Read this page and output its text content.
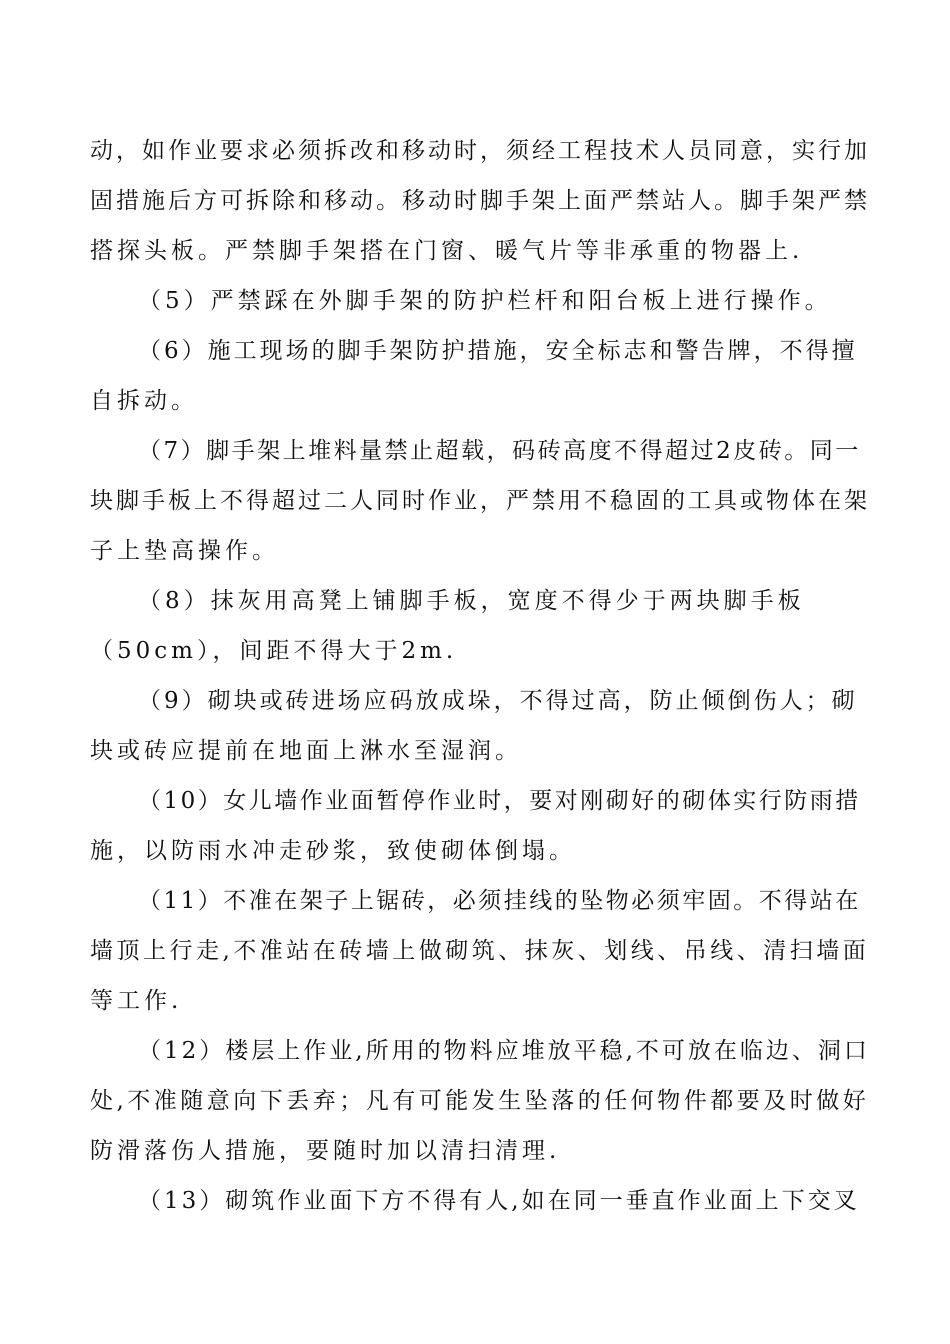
动，如作业要求必须拆改和移动时，须经工程技术人员同意，实行加
固措施后方可拆除和移动。移动时脚手架上面严禁站人。脚手架严禁
搭探头板。严禁脚手架搭在门窗、暖气片等非承重的物器上.
（5）严禁踩在外脚手架的防护栏杆和阳台板上进行操作。
（6）施工现场的脚手架防护措施，安全标志和警告牌，不得擅
自拆动。
（7）脚手架上堆料量禁止超载，码砖高度不得超过2皮砖。同一
块脚手板上不得超过二人同时作业，严禁用不稳固的工具或物体在架
子上垫高操作。
（8）抹灰用高凳上铺脚手板，宽度不得少于两块脚手板
（50cm），间距不得大于2m.
（9）砌块或砖进场应码放成垛，不得过高，防止倾倒伤人；砌
块或砖应提前在地面上淋水至湿润。
（10）女儿墙作业面暂停作业时，要对刚砌好的砌体实行防雨措
施，以防雨水冲走砂浆，致使砌体倒塌。
（11）不准在架子上锯砖，必须挂线的坠物必须牢固。不得站在
墙顶上行走,不准站在砖墙上做砌筑、抹灰、划线、吊线、清扫墙面
等工作.
（12）楼层上作业,所用的物料应堆放平稳,不可放在临边、洞口
处,不准随意向下丢弃；凡有可能发生坠落的任何物件都要及时做好
防滑落伤人措施，要随时加以清扫清理.
（13）砌筑作业面下方不得有人,如在同一垂直作业面上下交叉
